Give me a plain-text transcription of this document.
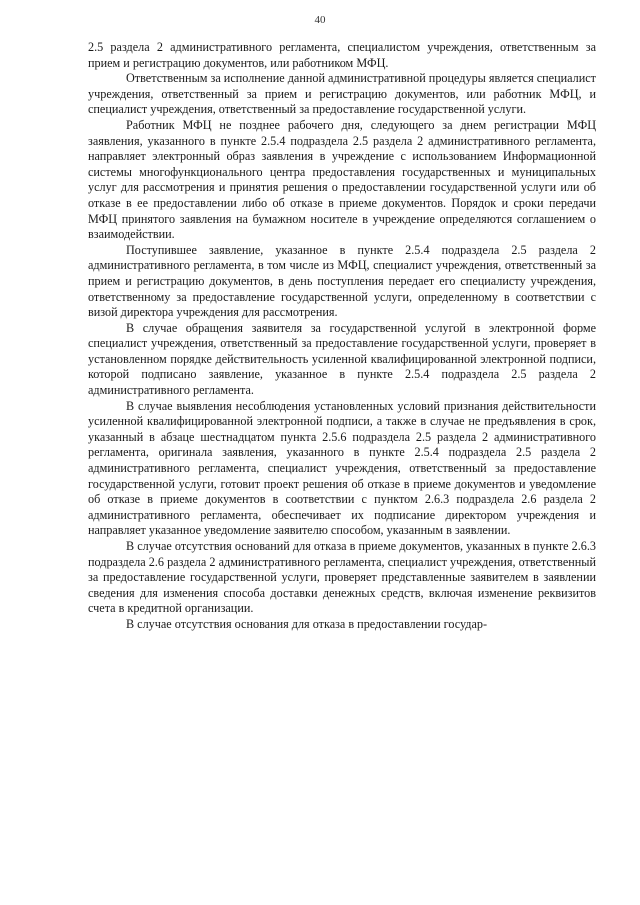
40

2.5 раздела 2 административного регламента, специалистом учреждения, ответственным за прием и регистрацию документов, или работником МФЦ.

Ответственным за исполнение данной административной процедуры является специалист учреждения, ответственный за прием и регистрацию документов, или работник МФЦ, и специалист учреждения, ответственный за предоставление государственной услуги.

Работник МФЦ не позднее рабочего дня, следующего за днем регистрации МФЦ заявления, указанного в пункте 2.5.4 подраздела 2.5 раздела 2 административного регламента, направляет электронный образ заявления в учреждение с использованием Информационной системы многофункционального центра предоставления государственных и муниципальных услуг для рассмотрения и принятия решения о предоставлении государственной услуги или об отказе в ее предоставлении либо об отказе в приеме документов. Порядок и сроки передачи МФЦ принятого заявления на бумажном носителе в учреждение определяются соглашением о взаимодействии.

Поступившее заявление, указанное в пункте 2.5.4 подраздела 2.5 раздела 2 административного регламента, в том числе из МФЦ, специалист учреждения, ответственный за прием и регистрацию документов, в день поступления передает его специалисту учреждения, ответственному за предоставление государственной услуги, определенному в соответствии с визой директора учреждения для рассмотрения.

В случае обращения заявителя за государственной услугой в электронной форме специалист учреждения, ответственный за предоставление государственной услуги, проверяет в установленном порядке действительность усиленной квалифицированной электронной подписи, которой подписано заявление, указанное в пункте 2.5.4 подраздела 2.5 раздела 2 административного регламента.

В случае выявления несоблюдения установленных условий признания действительности усиленной квалифицированной электронной подписи, а также в случае не предъявления в срок, указанный в абзаце шестнадцатом пункта 2.5.6 подраздела 2.5 раздела 2 административного регламента, оригинала заявления, указанного в пункте 2.5.4 подраздела 2.5 раздела 2 административного регламента, специалист учреждения, ответственный за предоставление государственной услуги, готовит проект решения об отказе в приеме документов и уведомление об отказе в приеме документов в соответствии с пунктом 2.6.3 подраздела 2.6 раздела 2 административного регламента, обеспечивает их подписание директором учреждения и направляет указанное уведомление заявителю способом, указанным в заявлении.

В случае отсутствия оснований для отказа в приеме документов, указанных в пункте 2.6.3 подраздела 2.6 раздела 2 административного регламента, специалист учреждения, ответственный за предоставление государственной услуги, проверяет представленные заявителем в заявлении сведения для изменения способа доставки денежных средств, включая изменение реквизитов счета в кредитной организации.

В случае отсутствия основания для отказа в предоставлении государ-
